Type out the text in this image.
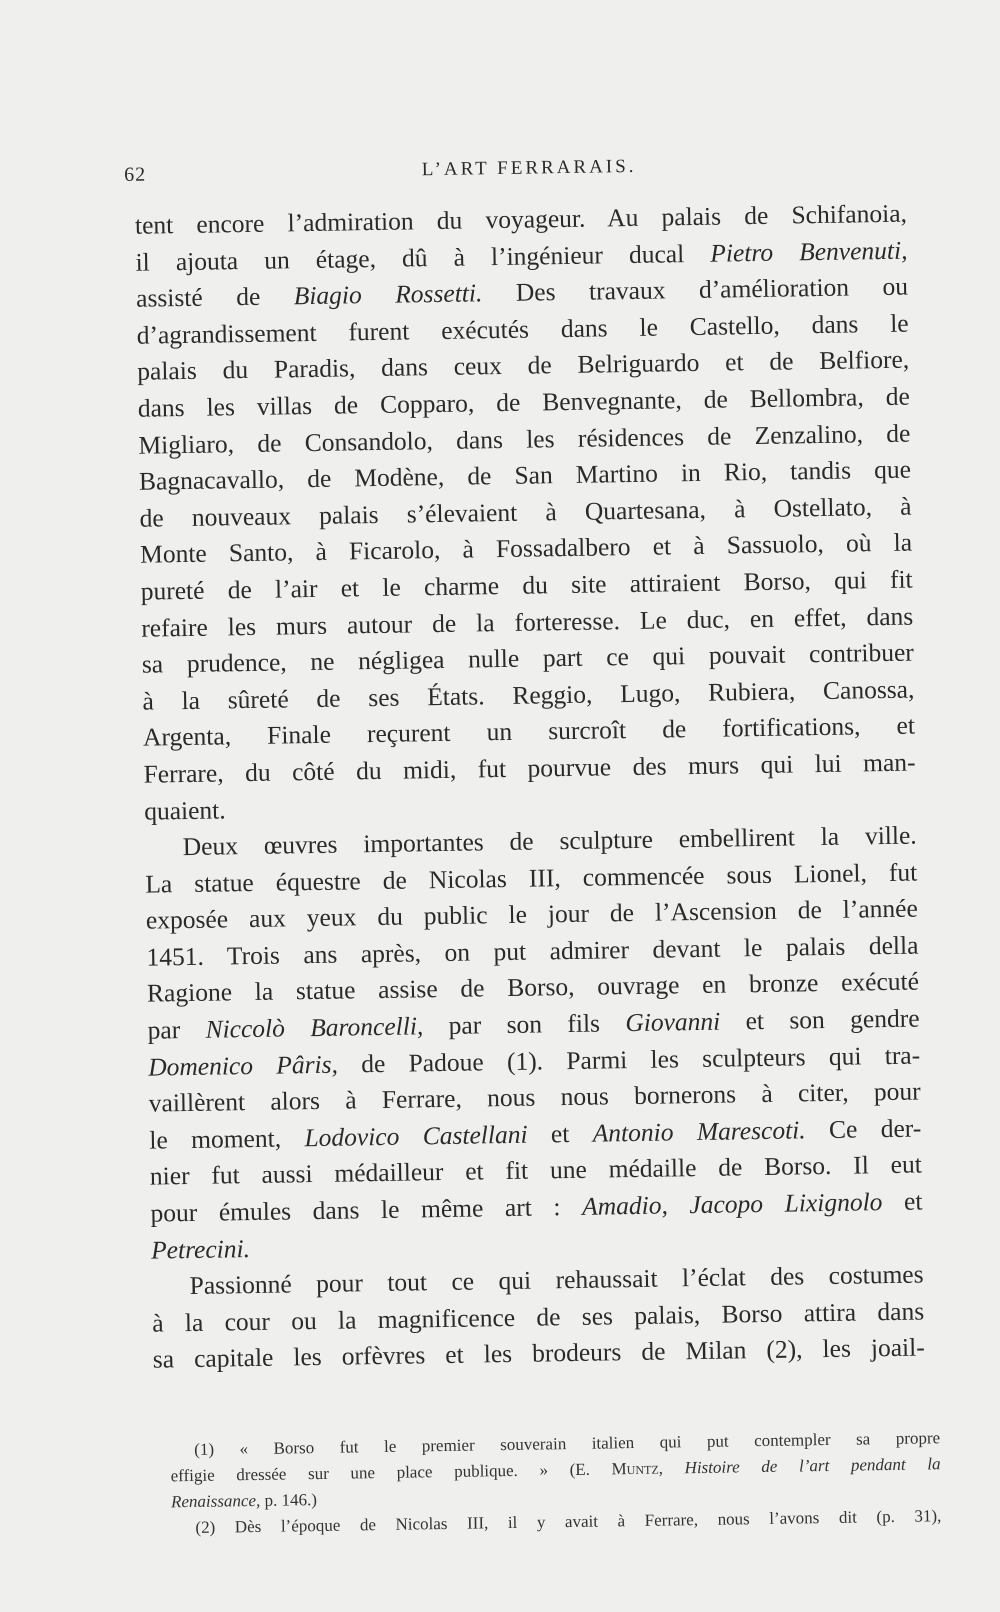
62	L’ART FERRARAIS.
tent encore l’admiration du voyageur. Au palais de Schifanoia,
il ajouta un étage, dû à l’ingénieur ducal Pietro Benvenuti,
assisté de Biagio Rossetti. Des travaux d’amélioration ou
d’agrandissement furent exécutés dans le Castello, dans le
palais du Paradis, dans ceux de Belriguardo et de Belfiore,
dans les villas de Copparo, de Benvegnante, de Bellombra, de
Migliaro, de Consandolo, dans les résidences de Zenzalino, de
Bagnacavallo, de Modène, de San Martino in Rio, tandis que
de nouveaux palais s’élevaient à Quartesana, à Ostellato, à
Monte Santo, à Ficarolo, à Fossadalbero et à Sassuolo, où la
pureté de l’air et le charme du site attiraient Borso, qui fit
refaire les murs autour de la forteresse. Le duc, en effet, dans
sa prudence, ne négligea nulle part ce qui pouvait contribuer
à la sûreté de ses États. Reggio, Lugo, Rubiera, Canossa,
Argenta, Finale reçurent un surcroît de fortifications, et
Ferrare, du côté du midi, fut pourvue des murs qui lui man-
quaient.
Deux œuvres importantes de sculpture embellirent la ville.
La statue équestre de Nicolas III, commencée sous Lionel, fut
exposée aux yeux du public le jour de l’Ascension de l’année
1451. Trois ans après, on put admirer devant le palais della
Ragione la statue assise de Borso, ouvrage en bronze exécuté
par Niccolò Baroncelli, par son fils Giovanni et son gendre
Domenico Pâris, de Padoue (1). Parmi les sculpteurs qui tra-
vaillèrent alors à Ferrare, nous nous bornerons à citer, pour
le moment, Lodovico Castellani et Antonio Marescoti. Ce der-
nier fut aussi médailleur et fit une médaille de Borso. Il eut
pour émules dans le même art : Amadio, Jacopo Lixignolo et
Petrecini.
Passionné pour tout ce qui rehaussait l’éclat des costumes
à la cour ou la magnificence de ses palais, Borso attira dans
sa capitale les orfèvres et les brodeurs de Milan (2), les joail-
(1) « Borso fut le premier souverain italien qui put contempler sa propre
effigie dressée sur une place publique. » (E. Muntz, Histoire de l’art pendant la
Renaissance, p. 146.)
(2) Dès l’époque de Nicolas III, il y avait à Ferrare, nous l’avons dit (p. 31),
